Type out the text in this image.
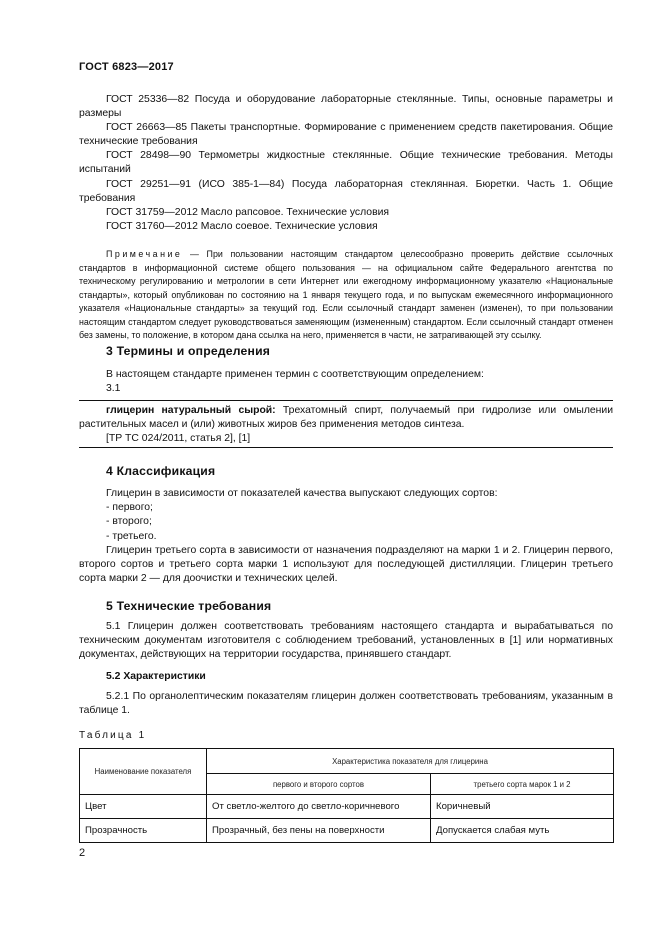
ГОСТ 6823—2017

ГОСТ 25336—82 Посуда и оборудование лабораторные стеклянные. Типы, основные параметры и размеры

ГОСТ 26663—85 Пакеты транспортные. Формирование с применением средств пакетирования. Общие технические требования

ГОСТ 28498—90 Термометры жидкостные стеклянные. Общие технические требования. Методы испытаний

ГОСТ 29251—91 (ИСО 385-1—84) Посуда лабораторная стеклянная. Бюретки. Часть 1. Общие требования

ГОСТ 31759—2012 Масло рапсовое. Технические условия

ГОСТ 31760—2012 Масло соевое. Технические условия

Примечание — При пользовании настоящим стандартом целесообразно проверить действие ссылочных стандартов в информационной системе общего пользования — на официальном сайте Федерального агентства по техническому регулированию и метрологии в сети Интернет или ежегодному информационному указателю «Национальные стандарты», который опубликован по состоянию на 1 января текущего года, и по выпускам ежемесячного информационного указателя «Национальные стандарты» за текущий год. Если ссылочный стандарт заменен (изменен), то при пользовании настоящим стандартом следует руководствоваться заменяющим (измененным) стандартом. Если ссылочный стандарт отменен без замены, то положение, в котором дана ссылка на него, применяется в части, не затрагивающей эту ссылку.
3 Термины и определения

В настоящем стандарте применен термин с соответствующим определением:

3.1

глицерин натуральный сырой: Трехатомный спирт, получаемый при гидролизе или омылении растительных масел и (или) животных жиров без применения методов синтеза.

[ТР ТС 024/2011, статья 2], [1]

4 Классификация

Глицерин в зависимости от показателей качества выпускают следующих сортов:

- первого;

- второго;

- третьего.

Глицерин третьего сорта в зависимости от назначения подразделяют на марки 1 и 2. Глицерин первого, второго сортов и третьего сорта марки 1 используют для последующей дистилляции. Глицерин третьего сорта марки 2 — для доочистки и технических целей.

5 Технические требования

5.1 Глицерин должен соответствовать требованиям настоящего стандарта и вырабатываться по техническим документам изготовителя с соблюдением требований, установленных в [1] или нормативных документах, действующих на территории государства, принявшего стандарт.

5.2 Характеристики

5.2.1 По органолептическим показателям глицерин должен соответствовать требованиям, указанным в таблице 1.

Таблица 1
Наименование показателя	Характеристика показателя для глицерина	
	первого и второго сортов	третьего сорта марок 1 и 2
Цвет	От светло-желтого до светло-коричневого	Коричневый
Прозрачность	Прозрачный, без пены на поверхности	Допускается слабая муть
2
